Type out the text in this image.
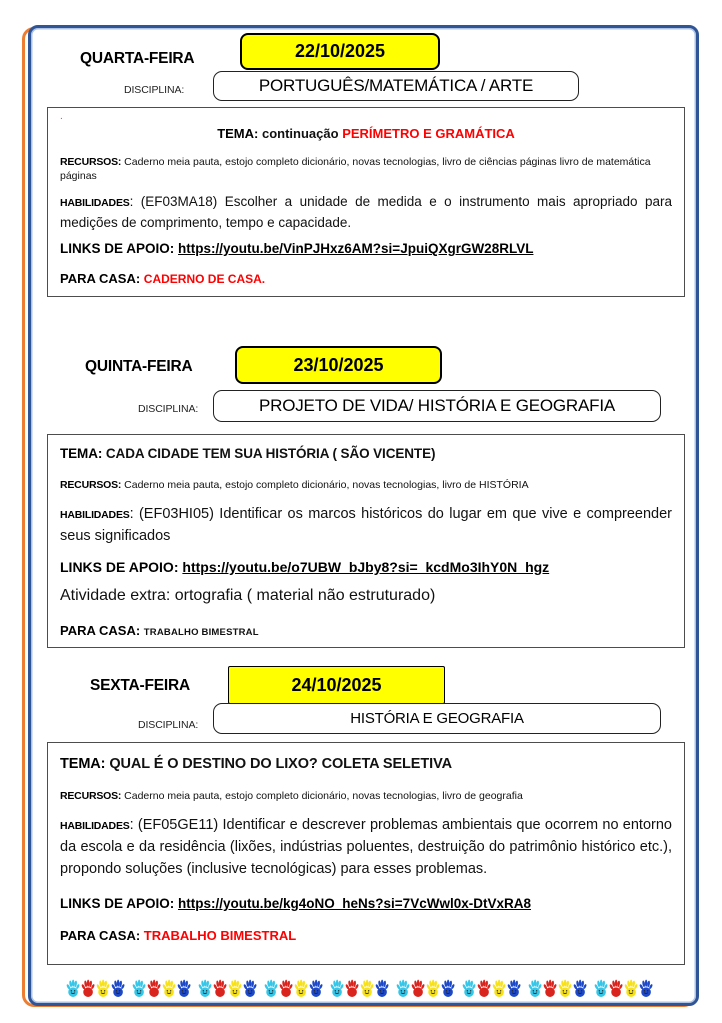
QUARTA-FEIRA	22/10/2025
DISCIPLINA:	PORTUGUÊS/MATEMÁTICA / ARTE
.
TEMA: continuação PERÍMETRO E GRAMÁTICA
RECURSOS: Caderno meia pauta, estojo completo dicionário, novas tecnologias, livro de ciências páginas livro de matemática páginas
HABILIDADES: (EF03MA18) Escolher a unidade de medida e o instrumento mais apropriado para medições de comprimento, tempo e capacidade.
LINKS DE APOIO: https://youtu.be/VinPJHxz6AM?si=JpuiQXgrGW28RLVL
PARA CASA: CADERNO DE CASA.
QUINTA-FEIRA	23/10/2025
DISCIPLINA:	PROJETO DE VIDA/ HISTÓRIA E GEOGRAFIA
TEMA: CADA CIDADE TEM SUA HISTÓRIA ( SÃO VICENTE)
RECURSOS: Caderno meia pauta, estojo completo dicionário, novas tecnologias, livro de HISTÓRIA
HABILIDADES: (EF03HI05) Identificar os marcos históricos do lugar em que vive e compreender seus significados
LINKS DE APOIO: https://youtu.be/o7UBW_bJby8?si=_kcdMo3IhY0N_hgz
Atividade extra: ortografia ( material não estruturado)
PARA CASA: TRABALHO BIMESTRAL
SEXTA-FEIRA	24/10/2025
DISCIPLINA:	HISTÓRIA E GEOGRAFIA
TEMA: QUAL É O DESTINO DO LIXO? COLETA SELETIVA
RECURSOS: Caderno meia pauta, estojo completo dicionário, novas tecnologias, livro de geografia
HABILIDADES: (EF05GE11) Identificar e descrever problemas ambientais que ocorrem no entorno da escola e da residência (lixões, indústrias poluentes, destruição do patrimônio histórico etc.), propondo soluções (inclusive tecnológicas) para esses problemas.
LINKS DE APOIO: https://youtu.be/kg4oNO_heNs?si=7VcWwl0x-DtVxRA8
PARA CASA: TRABALHO BIMESTRAL
